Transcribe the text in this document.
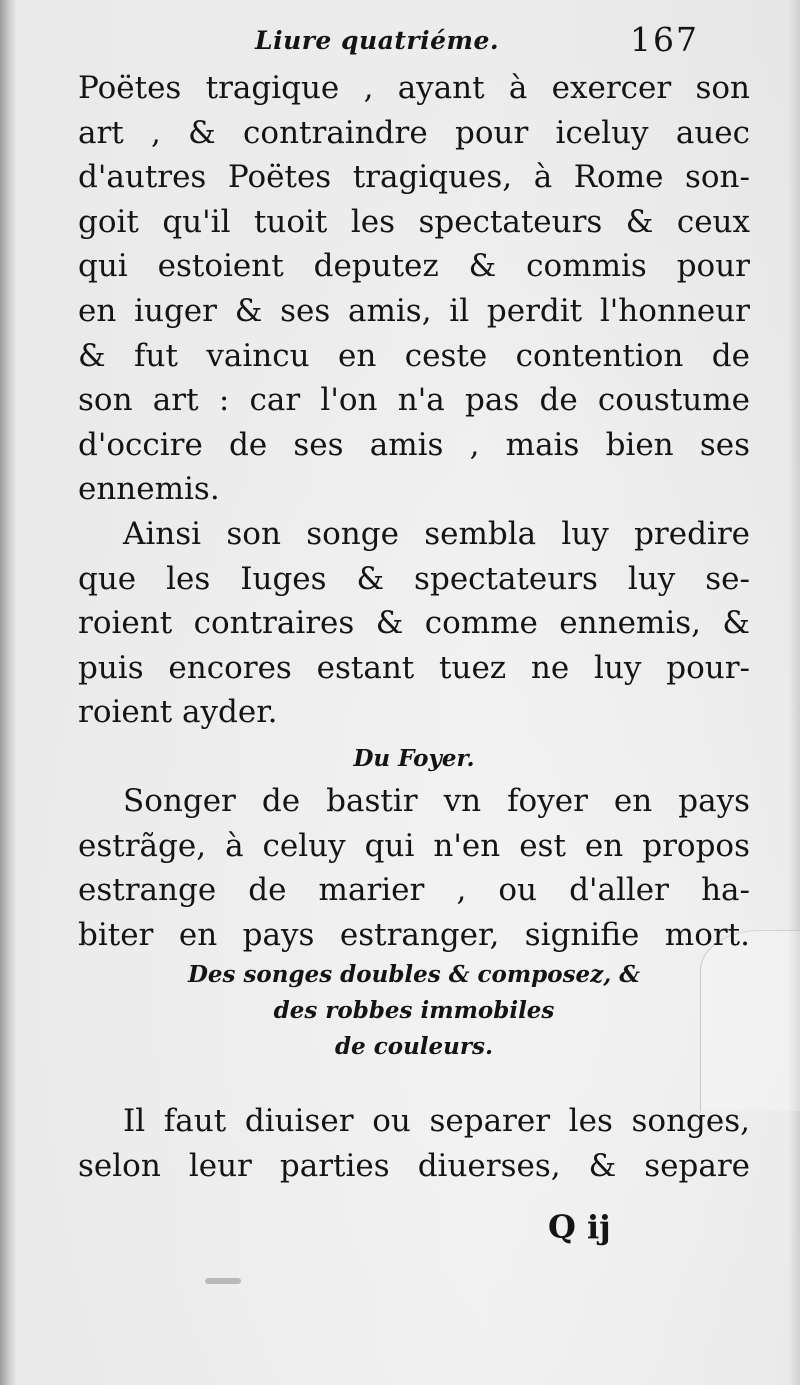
Liure quatriéme.	167
Poëtes tragique , ayant à exercer son
art , & contraindre pour iceluy auec
d'autres Poëtes tragiques, à Rome son-
goit qu'il tuoit les spectateurs & ceux
qui estoient deputez & commis pour
en iuger & ses amis, il perdit l'honneur
& fut vaincu en ceste contention de
son art : car l'on n'a pas de coustume
d'occire de ses amis , mais bien ses
ennemis.
Ainsi son songe sembla luy predire
que les Iuges & spectateurs luy se-
roient contraires & comme ennemis, &
puis encores estant tuez ne luy pour-
roient ayder.
Du Foyer.
Songer de bastir vn foyer en pays
estrãge, à celuy qui n'en est en propos
estrange de marier , ou d'aller ha-
biter en pays estranger, signifie mort.
Des songes doubles & composez, &
des robbes immobiles
de couleurs.
Il faut diuiser ou separer les songes,
selon leur parties diuerses, & separe
Q ij
